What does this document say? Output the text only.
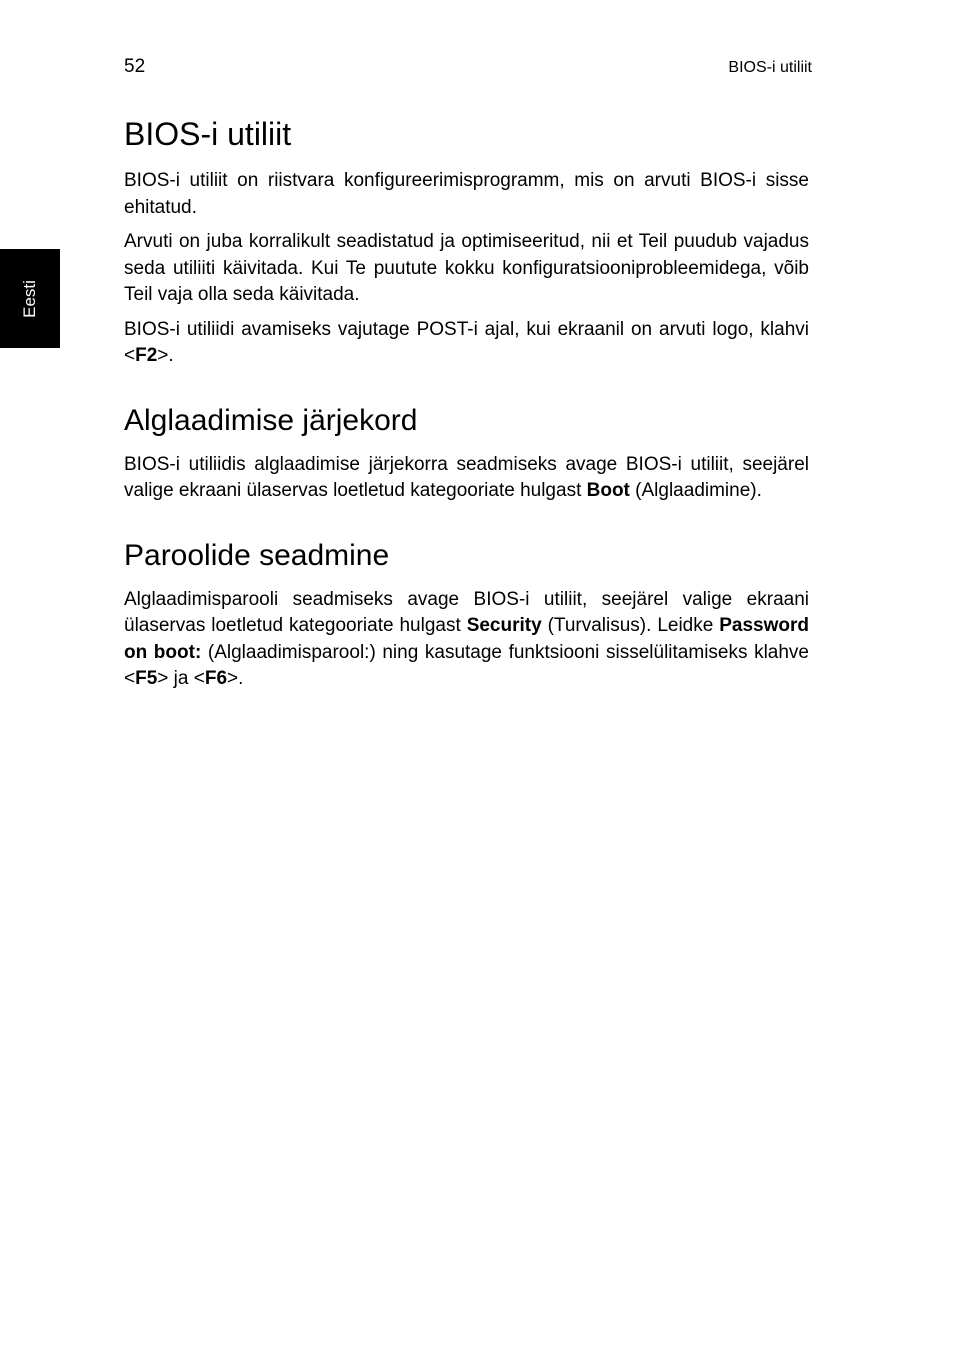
52	BIOS-i utiliit
Eesti
BIOS-i utiliit

BIOS-i utiliit on riistvara konfigureerimisprogramm, mis on arvuti BIOS-i sisse ehitatud.

Arvuti on juba korralikult seadistatud ja optimiseeritud, nii et Teil puudub vajadus seda utiliiti käivitada. Kui Te puutute kokku konfiguratsiooniprobleemidega, võib Teil vaja olla seda käivitada.

BIOS-i utiliidi avamiseks vajutage POST-i ajal, kui ekraanil on arvuti logo, klahvi <F2>.

Alglaadimise järjekord

BIOS-i utiliidis alglaadimise järjekorra seadmiseks avage BIOS-i utiliit, seejärel valige ekraani ülaservas loetletud kategooriate hulgast Boot (Alglaadimine).

Paroolide seadmine

Alglaadimisparooli seadmiseks avage BIOS-i utiliit, seejärel valige ekraani ülaservas loetletud kategooriate hulgast Security (Turvalisus). Leidke Password on boot: (Alglaadimisparool:) ning kasutage funktsiooni sisselülitamiseks klahve <F5> ja <F6>.
